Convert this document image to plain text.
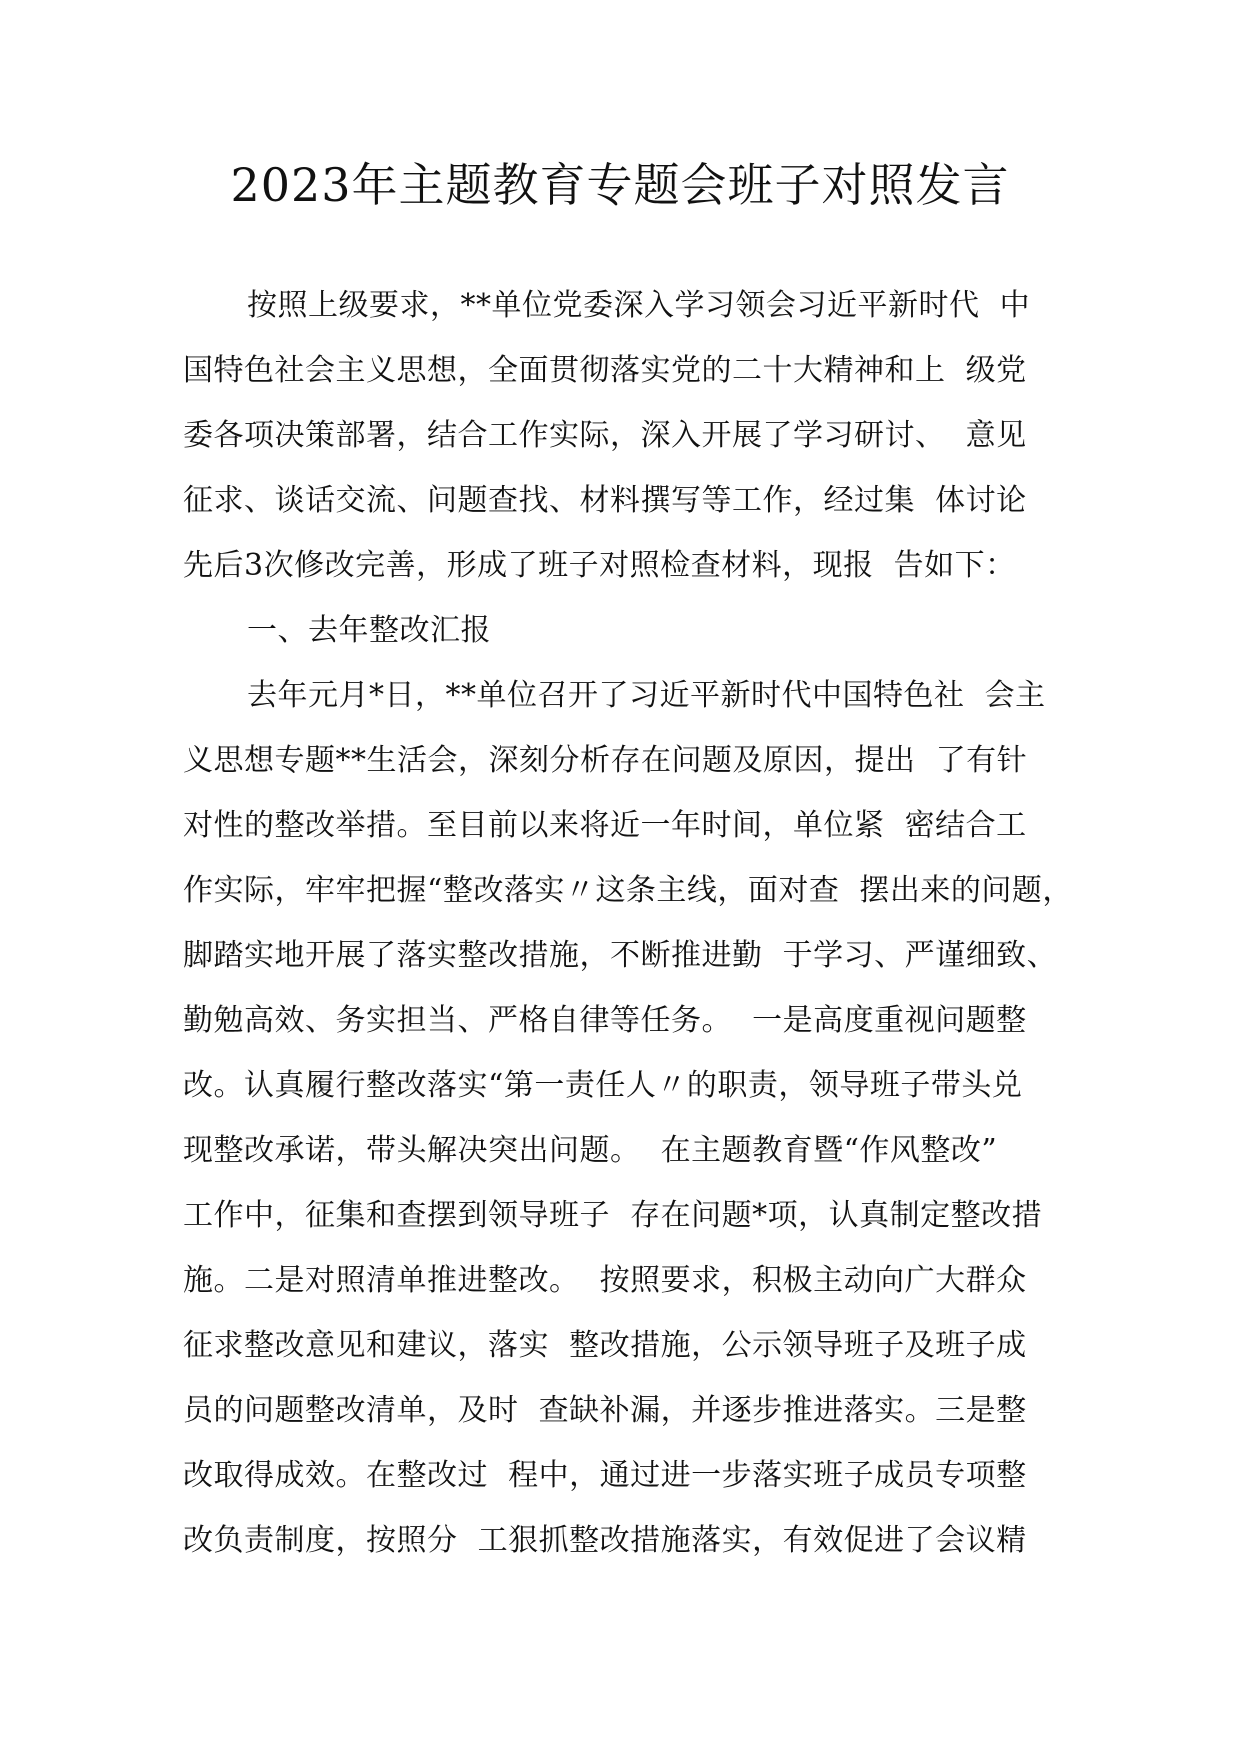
2023年主题教育专题会班子对照发言
按照上级要求，**单位党委深入学习领会习近平新时代  中
国特色社会主义思想，全面贯彻落实党的二十大精神和上  级党
委各项决策部署，结合工作实际，深入开展了学习研讨、  意见
征求、谈话交流、问题查找、材料撰写等工作，经过集  体讨论
先后3次修改完善，形成了班子对照检查材料，现报  告如下：
一、去年整改汇报
去年元月*日，**单位召开了习近平新时代中国特色社  会主
义思想专题**生活会，深刻分析存在问题及原因，提出  了有针
对性的整改举措。至目前以来将近一年时间，单位紧  密结合工
作实际，牢牢把握“整改落实〃这条主线，面对查  摆出来的问题，
脚踏实地开展了落实整改措施，不断推进勤  于学习、严谨细致、
勤勉高效、务实担当、严格自律等任务。  一是高度重视问题整
改。认真履行整改落实“第一责任人〃的职责，领导班子带头兑
现整改承诺，带头解决突出问题。  在主题教育暨“作风整改”
工作中，征集和查摆到领导班子  存在问题*项，认真制定整改措
施。二是对照清单推进整改。  按照要求，积极主动向广大群众
征求整改意见和建议，落实  整改措施，公示领导班子及班子成
员的问题整改清单，及时  查缺补漏，并逐步推进落实。三是整
改取得成效。在整改过  程中，通过进一步落实班子成员专项整
改负责制度，按照分  工狠抓整改措施落实，有效促进了会议精
